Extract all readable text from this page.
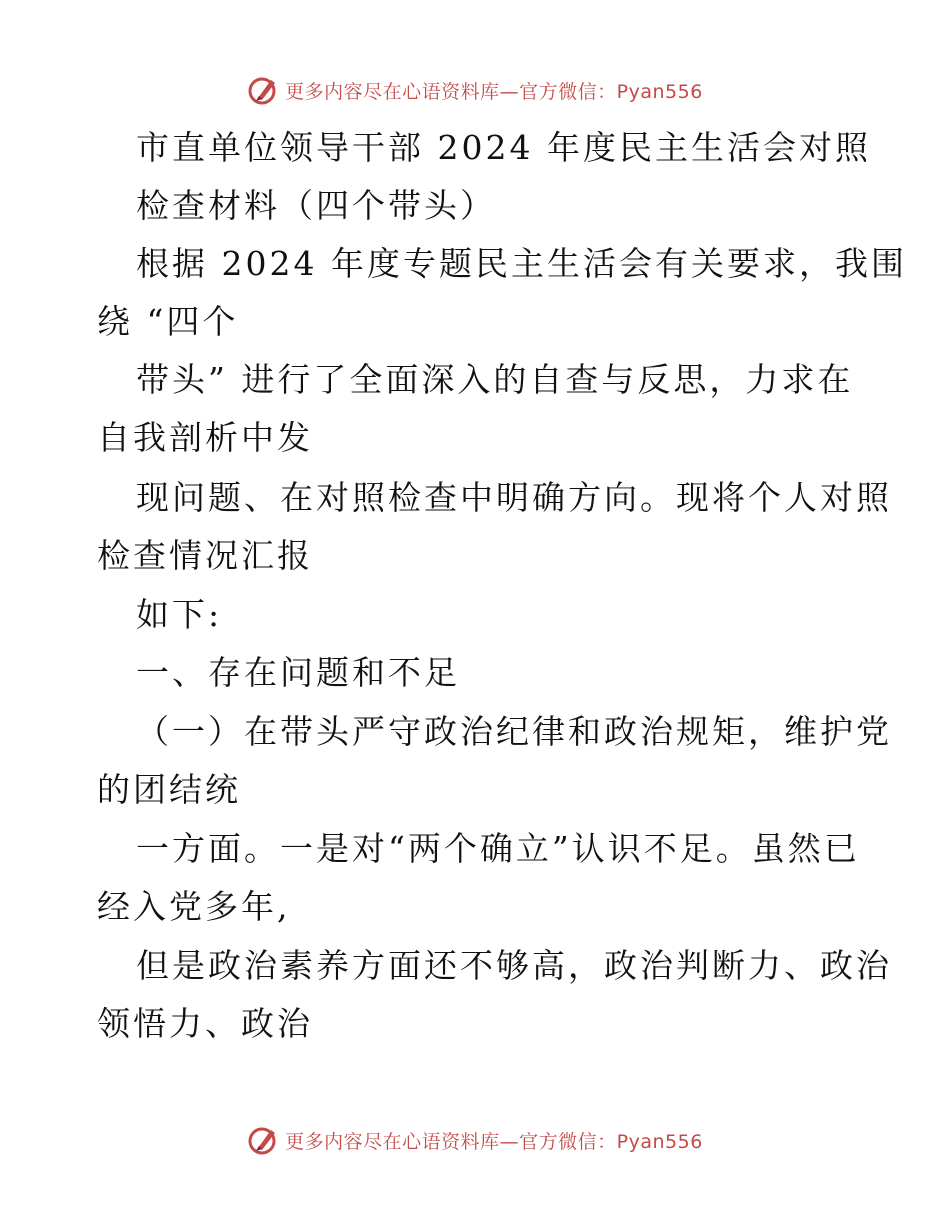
更多内容尽在心语资料库—官方微信：Pyan556
市直单位领导干部 2024 年度民主生活会对照
检查材料（四个带头）
根据 2024 年度专题民主生活会有关要求，我围
绕 “四个
带头” 进行了全面深入的自查与反思，力求在
自我剖析中发
现问题、在对照检查中明确方向。现将个人对照
检查情况汇报
如下:
一、存在问题和不足
（一）在带头严守政治纪律和政治规矩，维护党
的团结统
一方面。一是对“两个确立”认识不足。虽然已
经入党多年,
但是政治素养方面还不够高，政治判断力、政治
领悟力、政治
更多内容尽在心语资料库—官方微信：Pyan556
